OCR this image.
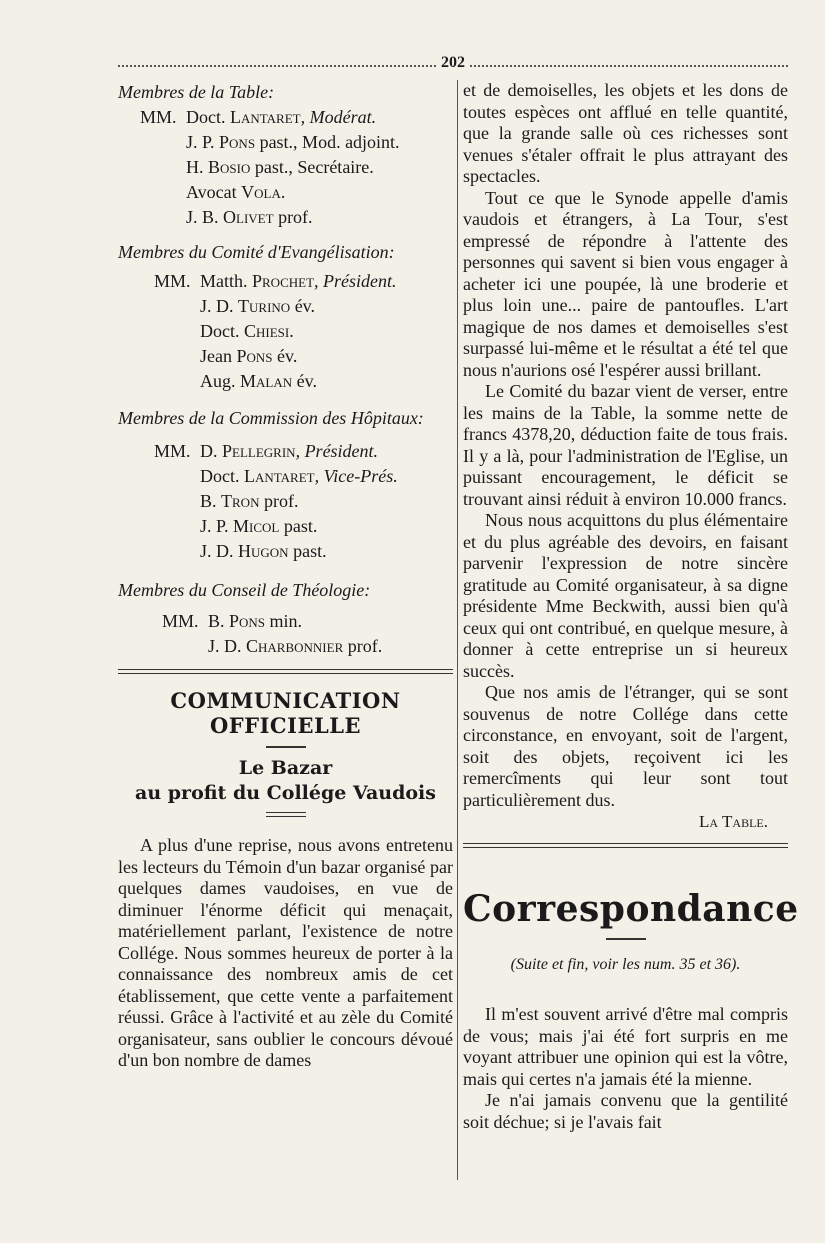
202

Membres de la Table:

MM.Doct. Lantaret, Modérat.
J. P. Pons past., Mod. adjoint.
H. Bosio past., Secrétaire.
Avocat Vola.
J. B. Olivet prof.

Membres du Comité d'Evangélisation:

MM.Matth. Prochet, Président.
J. D. Turino év.
Doct. Chiesi.
Jean Pons év.
Aug. Malan év.

Membres de la Commission des Hôpitaux:

MM.D. Pellegrin, Président.
Doct. Lantaret, Vice-Prés.
B. Tron prof.
J. P. Micol past.
J. D. Hugon past.

Membres du Conseil de Théologie:

MM.B. Pons min.
J. D. Charbonnier prof.
COMMUNICATION OFFICIELLE
Le Bazar
au profit du Collége Vaudois

A plus d'une reprise, nous avons entretenu les lecteurs du Témoin d'un bazar organisé par quelques dames vaudoises, en vue de diminuer l'énorme déficit qui menaçait, matériellement parlant, l'existence de notre Collége. Nous sommes heureux de porter à la connaissance des nombreux amis de cet établissement, que cette vente a parfaitement réussi. Grâce à l'activité et au zèle du Comité organisateur, sans oublier le concours dévoué d'un bon nombre de dames

et de demoiselles, les objets et les dons de toutes espèces ont afflué en telle quantité, que la grande salle où ces richesses sont venues s'étaler offrait le plus attrayant des spectacles.

Tout ce que le Synode appelle d'amis vaudois et étrangers, à La Tour, s'est empressé de répondre à l'attente des personnes qui savent si bien vous engager à acheter ici une poupée, là une broderie et plus loin une... paire de pantoufles. L'art magique de nos dames et demoiselles s'est surpassé lui-même et le résultat a été tel que nous n'aurions osé l'espérer aussi brillant.

Le Comité du bazar vient de verser, entre les mains de la Table, la somme nette de francs 4378,20, déduction faite de tous frais. Il y a là, pour l'administration de l'Eglise, un puissant encouragement, le déficit se trouvant ainsi réduit à environ 10.000 francs.

Nous nous acquittons du plus élémentaire et du plus agréable des devoirs, en faisant parvenir l'expression de notre sincère gratitude au Comité organisateur, à sa digne présidente Mme Beckwith, aussi bien qu'à ceux qui ont contribué, en quelque mesure, à donner à cette entreprise un si heureux succès.

Que nos amis de l'étranger, qui se sont souvenus de notre Collége dans cette circonstance, en envoyant, soit de l'argent, soit des objets, reçoivent ici les remercîments qui leur sont tout particulièrement dus.

La Table.
Correspondance
(Suite et fin, voir les num. 35 et 36).

Il m'est souvent arrivé d'être mal compris de vous; mais j'ai été fort surpris en me voyant attribuer une opinion qui est la vôtre, mais qui certes n'a jamais été la mienne.

Je n'ai jamais convenu que la gentilité soit déchue; si je l'avais fait
